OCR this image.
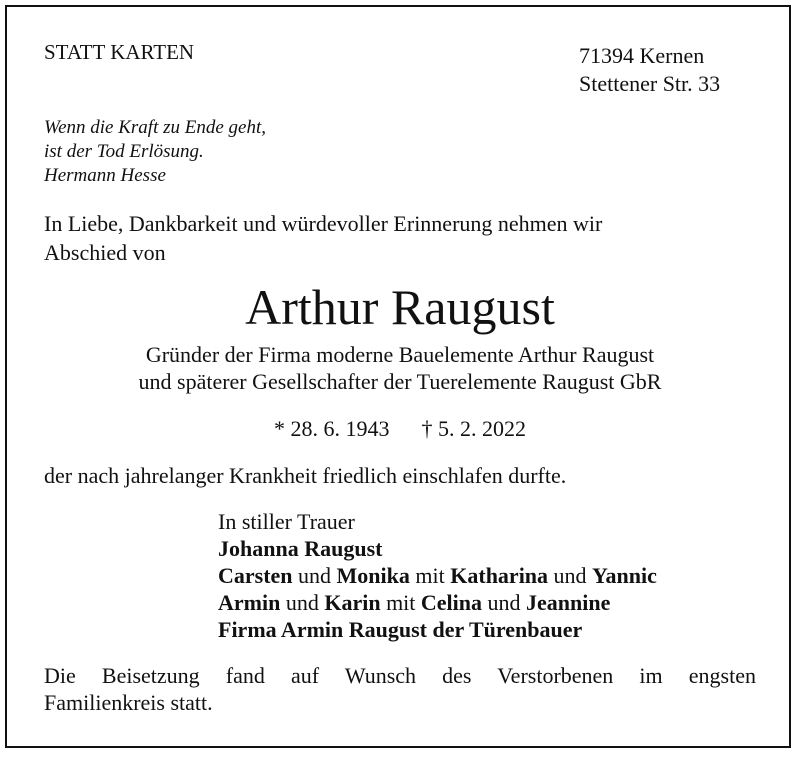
STATT KARTEN	71394 Kernen
Stettener Str. 33
Wenn die Kraft zu Ende geht,
ist der Tod Erlösung.
Hermann Hesse
In Liebe, Dankbarkeit und würdevoller Erinnerung nehmen wir
Abschied von
Arthur Raugust
Gründer der Firma moderne Bauelemente Arthur Raugust
und späterer Gesellschafter der Tuerelemente Raugust GbR
* 28. 6. 1943 † 5. 2. 2022
der nach jahrelanger Krankheit friedlich einschlafen durfte.
In stiller Trauer
Johanna Raugust
Carsten und Monika mit Katharina und Yannic
Armin und Karin mit Celina und Jeannine
Firma Armin Raugust der Türenbauer
Die Beisetzung fand auf Wunsch des Verstorbenen im engsten
Familienkreis statt.
